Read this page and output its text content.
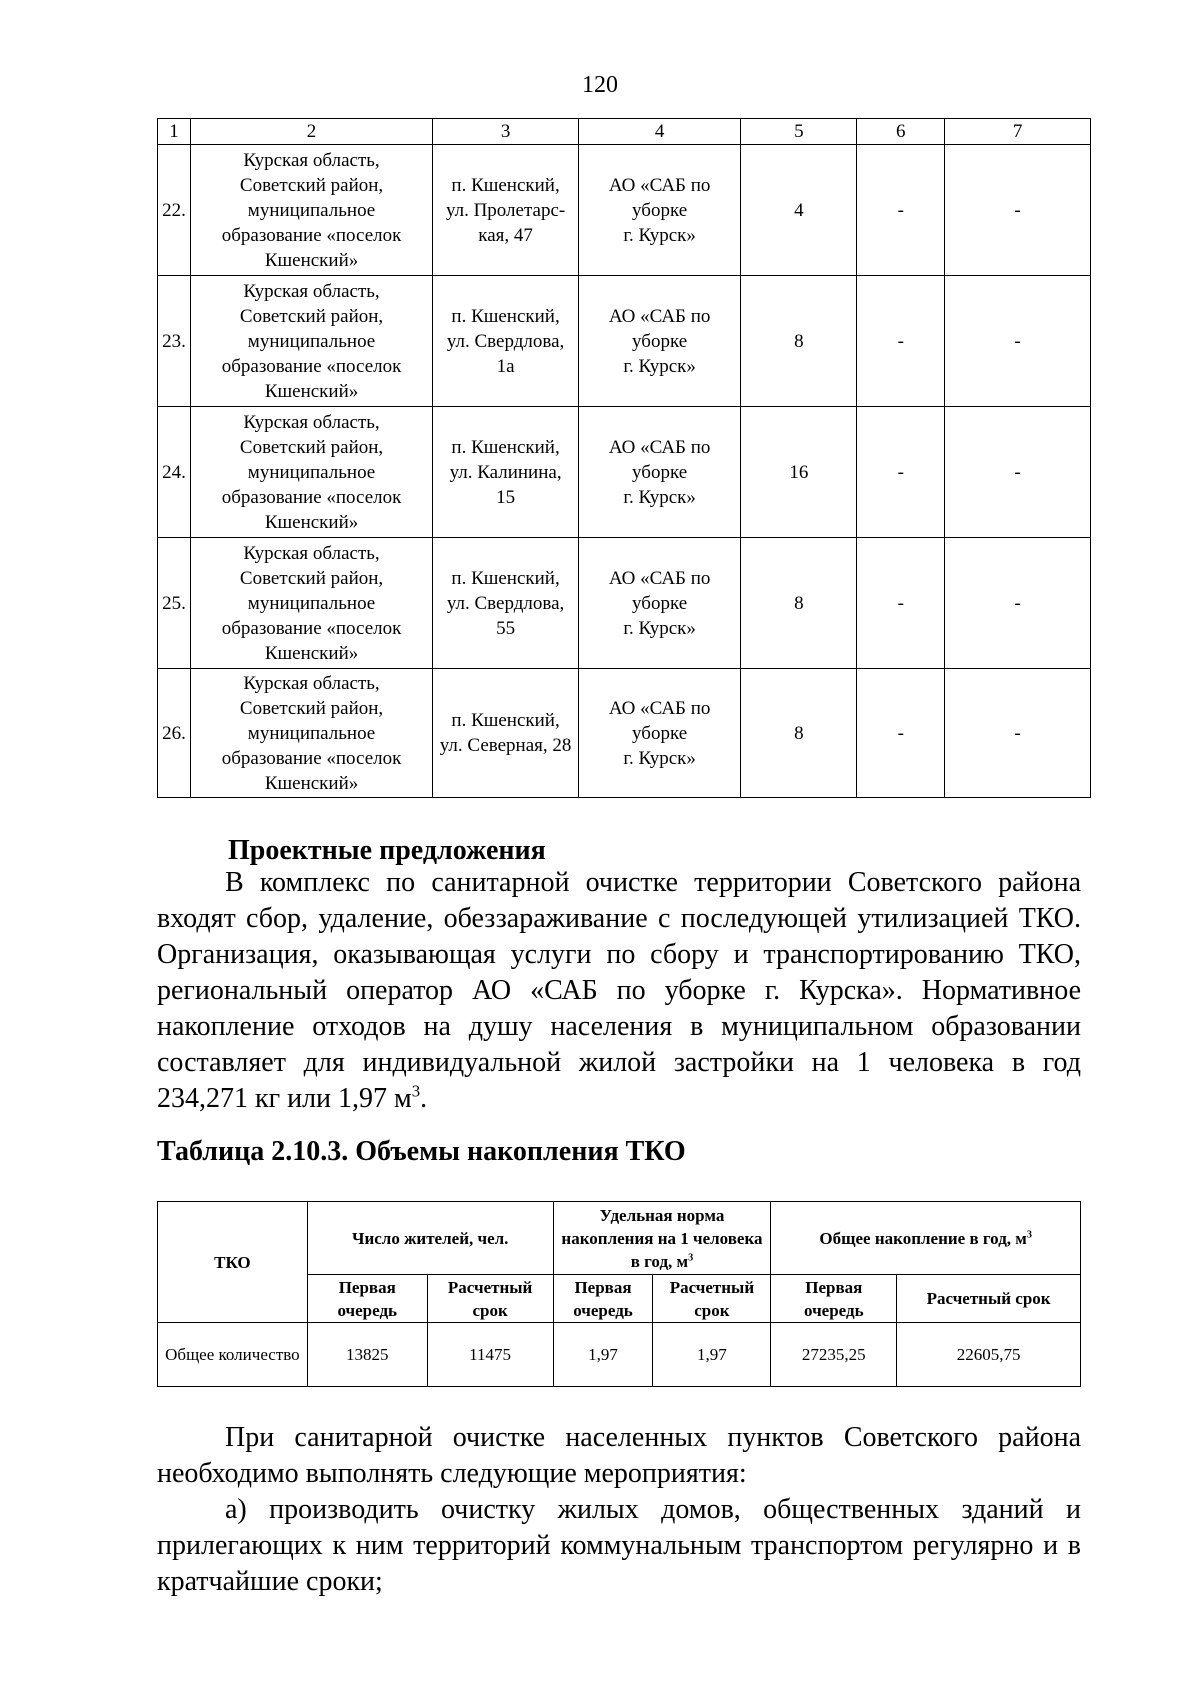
120
1	2	3	4	5	6	7
22.	Курская область,
Советский район,
муниципальное
образование «поселок
Кшенский»	п. Кшенский,
ул. Пролетарс-
кая, 47	АО «САБ по
уборке
г. Курск»	4	-	-
23.	Курская область,
Советский район,
муниципальное
образование «поселок
Кшенский»	п. Кшенский,
ул. Свердлова,
1а	АО «САБ по
уборке
г. Курск»	8	-	-
24.	Курская область,
Советский район,
муниципальное
образование «поселок
Кшенский»	п. Кшенский,
ул. Калинина,
15	АО «САБ по
уборке
г. Курск»	16	-	-
25.	Курская область,
Советский район,
муниципальное
образование «поселок
Кшенский»	п. Кшенский,
ул. Свердлова,
55	АО «САБ по
уборке
г. Курск»	8	-	-
26.	Курская область,
Советский район,
муниципальное
образование «поселок
Кшенский»	п. Кшенский,
ул. Северная, 28	АО «САБ по
уборке
г. Курск»	8	-	-
Проектные предложения

В комплекс по санитарной очистке территории Советского района входят сбор, удаление, обеззараживание с последующей утилизацией ТКО. Организация, оказывающая услуги по сбору и транспортированию ТКО, региональный оператор АО «САБ по уборке г. Курска». Нормативное накопление отходов на душу населения в муниципальном образовании составляет для индивидуальной жилой застройки на 1 человека в год 234,271 кг или 1,97 $м^3$.

Таблица 2.10.3. Объемы накопления ТКО
ТКО	Число жителей, чел.		Удельная норма накопления на 1 человека в год, $м^3$		Общее накопление в год, $м^3$
	Первая очередь	Расчетный срок	Первая очередь	Расчетный срок	Первая очередь	Расчетный срок
Общее количество	13825	11475	1,97	1,97	27235,25	22605,75

При санитарной очистке населенных пунктов Советского района необходимо выполнять следующие мероприятия:

а) производить очистку жилых домов, общественных зданий и прилегающих к ним территорий коммунальным транспортом регулярно и в кратчайшие сроки;
